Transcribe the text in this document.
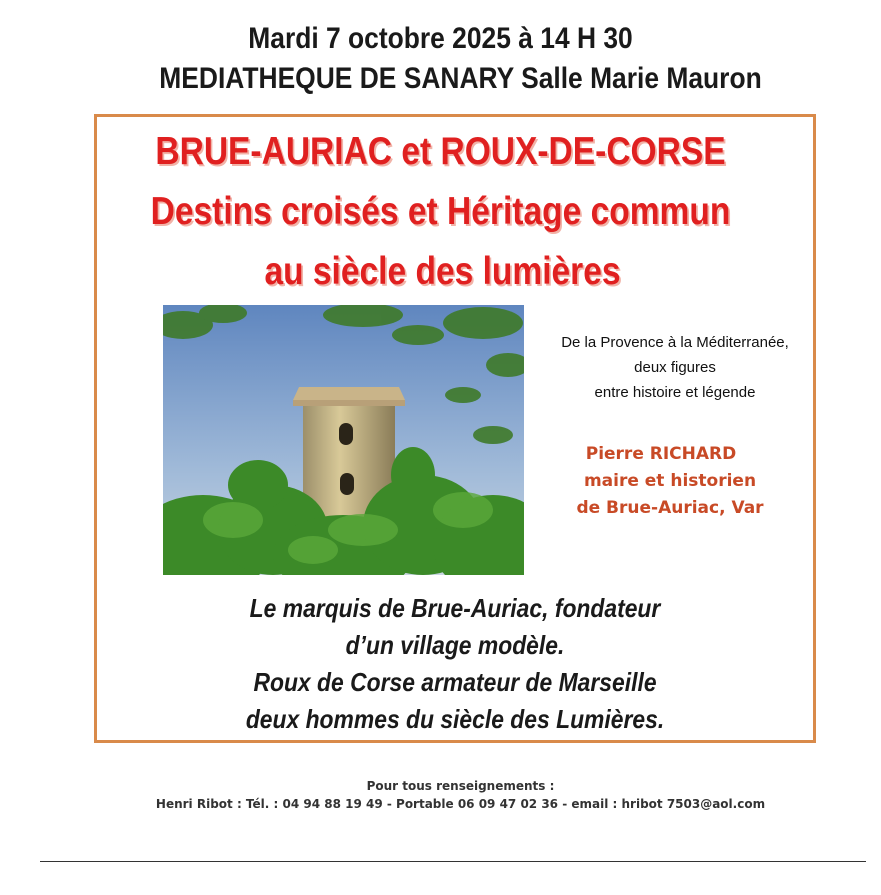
Mardi 7 octobre 2025 à 14 H 30
MEDIATHEQUE DE SANARY Salle Marie Mauron
BRUE-AURIAC et ROUX-DE-CORSE
Destins croisés et Héritage commun
au siècle des lumières
De la Provence à la Méditerranée,
deux figures
entre histoire et légende
Pierre RICHARD
maire et historien
de Brue-Auriac, Var
Le marquis de Brue-Auriac, fondateur
d’un village modèle.
Roux de Corse armateur de Marseille
deux hommes du siècle des Lumières.
Pour tous renseignements :
Henri Ribot : Tél. : 04 94 88 19 49 - Portable 06 09 47 02 36 - email : hribot 7503@aol.com
